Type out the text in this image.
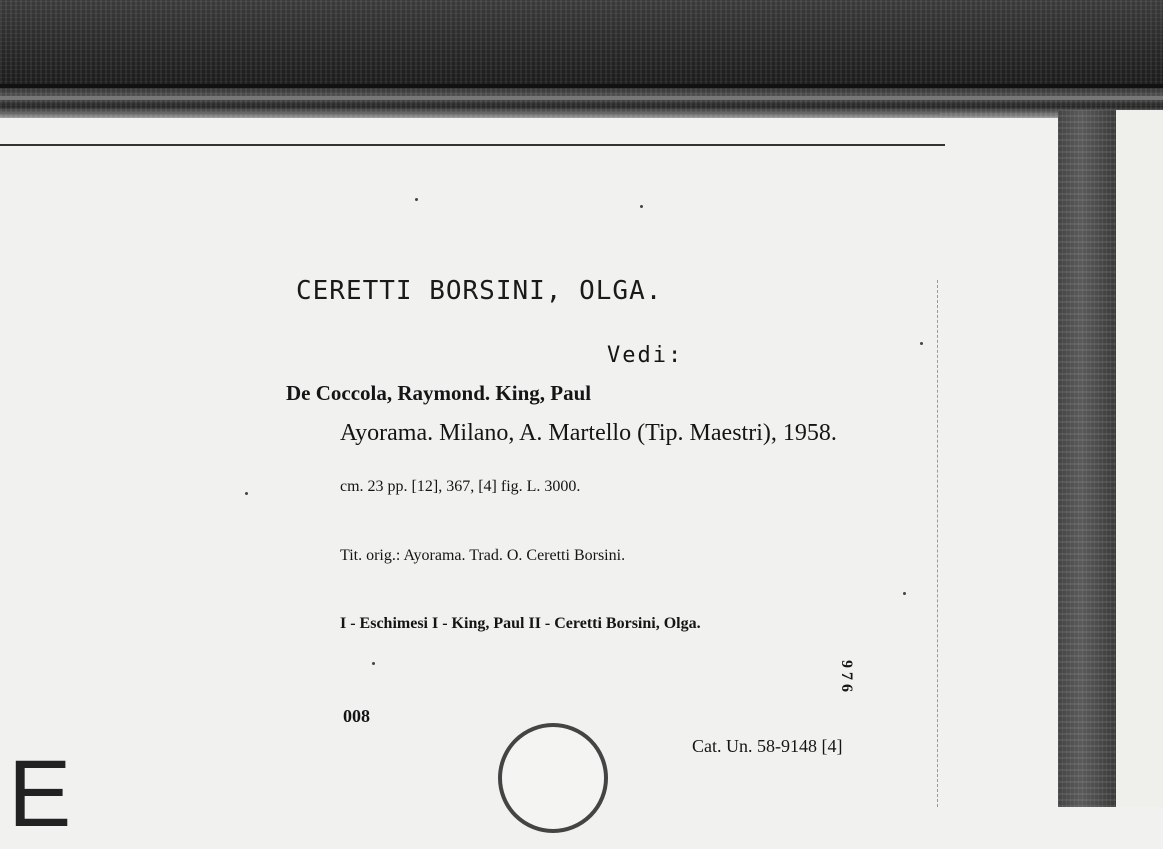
CERETTI BORSINI, OLGA.
Vedi:
De Coccola, Raymond. King, Paul
Ayorama. Milano, A. Martello (Tip. Maestri), 1958.
cm. 23 pp. [12], 367, [4] fig. L. 3000.
Tit. orig.: Ayorama. Trad. O. Ceretti Borsini.
I - Eschimesi I - King, Paul II - Ceretti Borsini, Olga.
008
Cat. Un. 58-9148 [4]
976
E
